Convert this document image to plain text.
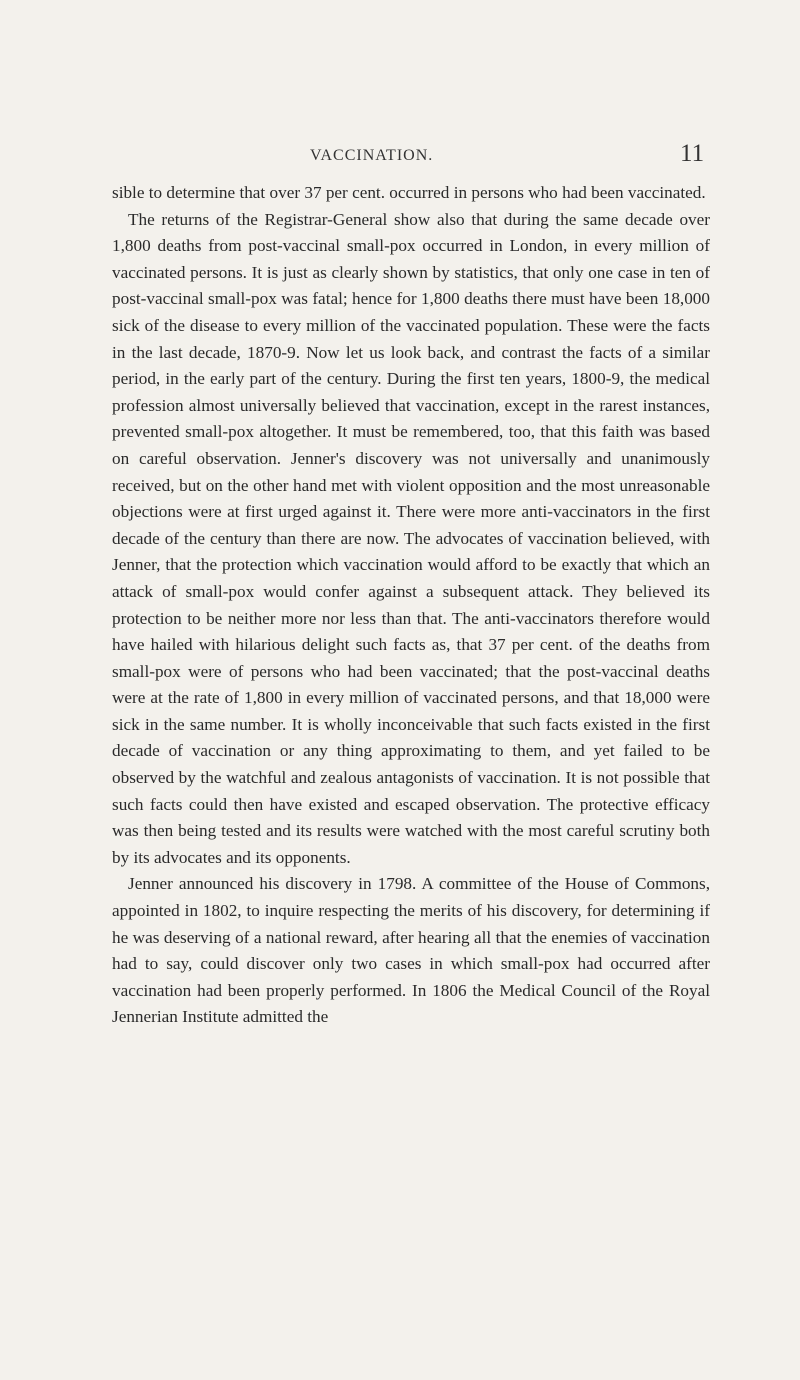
VACCINATION.	11

sible to determine that over 37 per cent. occurred in persons who had been vaccinated.

The returns of the Registrar-General show also that during the same decade over 1,800 deaths from post-vaccinal small-pox occurred in London, in every million of vaccinated persons. It is just as clearly shown by statistics, that only one case in ten of post-vaccinal small-pox was fatal; hence for 1,800 deaths there must have been 18,000 sick of the disease to every million of the vaccinated population. These were the facts in the last decade, 1870-9. Now let us look back, and contrast the facts of a similar period, in the early part of the century. During the first ten years, 1800-9, the medical profession almost universally believed that vaccination, except in the rarest instances, prevented small-pox altogether. It must be remembered, too, that this faith was based on careful observation. Jenner's discovery was not universally and unanimously received, but on the other hand met with violent opposition and the most unreasonable objections were at first urged against it. There were more anti-vaccinators in the first decade of the century than there are now. The advocates of vaccination believed, with Jenner, that the protection which vaccination would afford to be exactly that which an attack of small-pox would confer against a subsequent attack. They believed its protection to be neither more nor less than that. The anti-vaccinators therefore would have hailed with hilarious delight such facts as, that 37 per cent. of the deaths from small-pox were of persons who had been vaccinated; that the post-vaccinal deaths were at the rate of 1,800 in every million of vaccinated persons, and that 18,000 were sick in the same number. It is wholly inconceivable that such facts existed in the first decade of vaccination or any thing approximating to them, and yet failed to be observed by the watchful and zealous antagonists of vaccination. It is not possible that such facts could then have existed and escaped observation. The protective efficacy was then being tested and its results were watched with the most careful scrutiny both by its advocates and its opponents.

Jenner announced his discovery in 1798. A committee of the House of Commons, appointed in 1802, to inquire respecting the merits of his discovery, for determining if he was deserving of a national reward, after hearing all that the enemies of vaccination had to say, could discover only two cases in which small-pox had occurred after vaccination had been properly performed. In 1806 the Medical Council of the Royal Jennerian Institute admitted the
